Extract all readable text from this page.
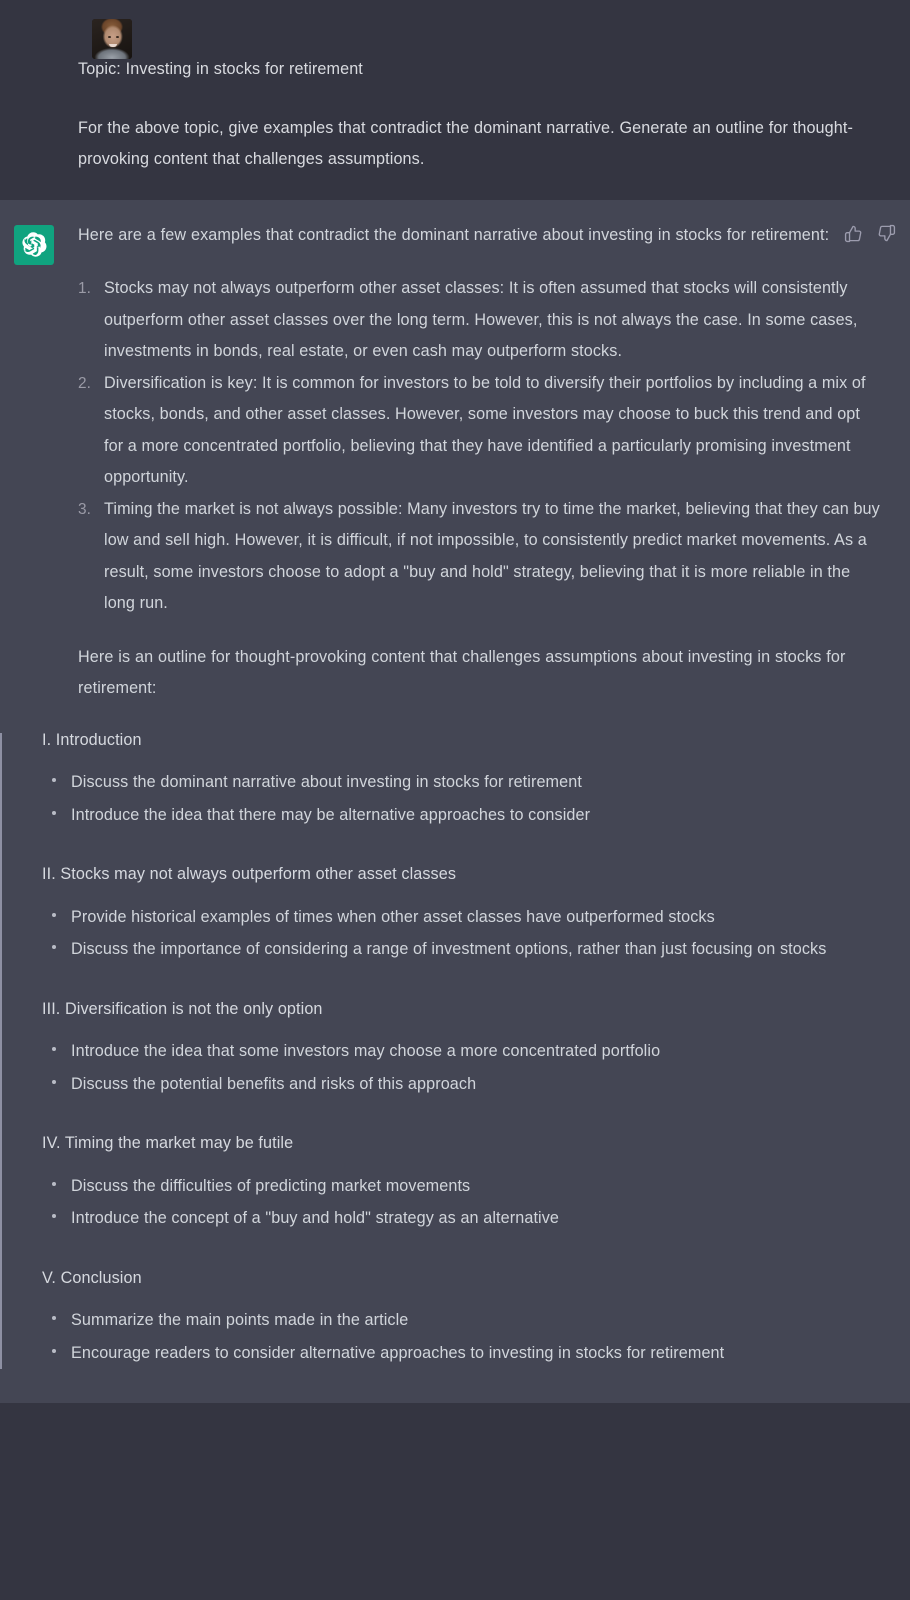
Topic: Investing in stocks for retirement
For the above topic, give examples that contradict the dominant narrative. Generate an outline for thought-provoking content that challenges assumptions.
Here are a few examples that contradict the dominant narrative about investing in stocks for retirement:
Stocks may not always outperform other asset classes: It is often assumed that stocks will consistently outperform other asset classes over the long term. However, this is not always the case. In some cases, investments in bonds, real estate, or even cash may outperform stocks.
Diversification is key: It is common for investors to be told to diversify their portfolios by including a mix of stocks, bonds, and other asset classes. However, some investors may choose to buck this trend and opt for a more concentrated portfolio, believing that they have identified a particularly promising investment opportunity.
Timing the market is not always possible: Many investors try to time the market, believing that they can buy low and sell high. However, it is difficult, if not impossible, to consistently predict market movements. As a result, some investors choose to adopt a "buy and hold" strategy, believing that it is more reliable in the long run.
Here is an outline for thought-provoking content that challenges assumptions about investing in stocks for retirement:
I. Introduction
Discuss the dominant narrative about investing in stocks for retirement
Introduce the idea that there may be alternative approaches to consider
II. Stocks may not always outperform other asset classes
Provide historical examples of times when other asset classes have outperformed stocks
Discuss the importance of considering a range of investment options, rather than just focusing on stocks
III. Diversification is not the only option
Introduce the idea that some investors may choose a more concentrated portfolio
Discuss the potential benefits and risks of this approach
IV. Timing the market may be futile
Discuss the difficulties of predicting market movements
Introduce the concept of a "buy and hold" strategy as an alternative
V. Conclusion
Summarize the main points made in the article
Encourage readers to consider alternative approaches to investing in stocks for retirement
